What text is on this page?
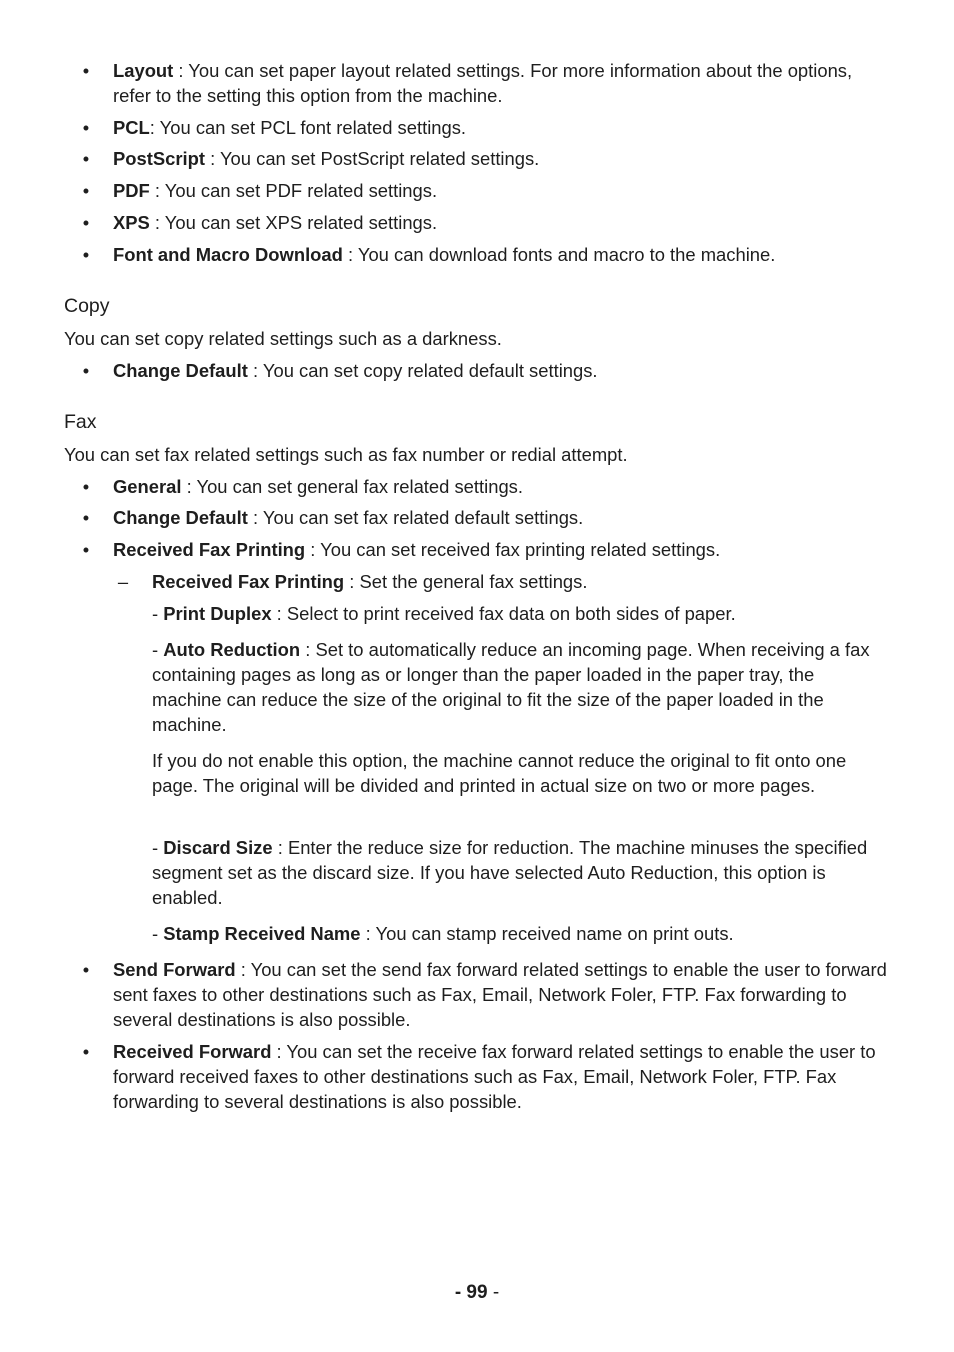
• Layout : You can set paper layout related settings. For more information about the options, refer to the setting this option from the machine.

• PCL: You can set PCL font related settings.

• PostScript : You can set PostScript related settings.

• PDF : You can set PDF related settings.

• XPS : You can set XPS related settings.

• Font and Macro Download : You can download fonts and macro to the machine.

Copy

You can set copy related settings such as a darkness.

• Change Default : You can set copy related default settings.

Fax

You can set fax related settings such as fax number or redial attempt.

• General : You can set general fax related settings.

• Change Default : You can set fax related default settings.

• Received Fax Printing : You can set received fax printing related settings.

– Received Fax Printing : Set the general fax settings.

- Print Duplex : Select to print received fax data on both sides of paper.

- Auto Reduction : Set to automatically reduce an incoming page. When receiving a fax containing pages as long as or longer than the paper loaded in the paper tray, the machine can reduce the size of the original to fit the size of the paper loaded in the machine.

If you do not enable this option, the machine cannot reduce the original to fit onto one page. The original will be divided and printed in actual size on two or more pages.

- Discard Size : Enter the reduce size for reduction. The machine minuses the specified segment set as the discard size. If you have selected Auto Reduction, this option is enabled.

- Stamp Received Name : You can stamp received name on print outs.

• Send Forward : You can set the send fax forward related settings to enable the user to forward sent faxes to other destinations such as Fax, Email, Network Foler, FTP. Fax forwarding to several destinations is also possible.

• Received Forward : You can set the receive fax forward related settings to enable the user to forward received faxes to other destinations such as Fax, Email, Network Foler, FTP. Fax forwarding to several destinations is also possible.

- 99 -
